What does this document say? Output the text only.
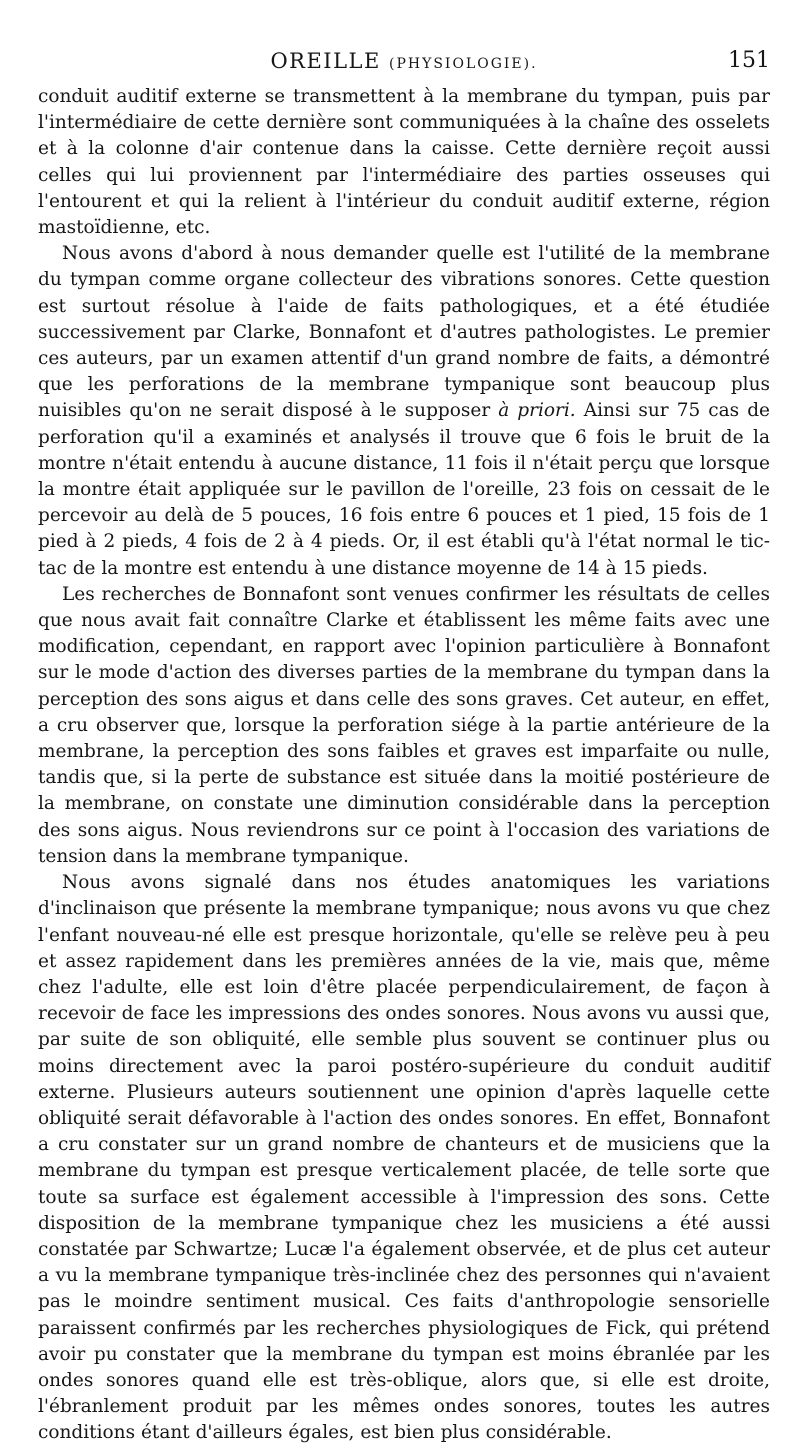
OREILLE (PHYSIOLOGIE).	151

conduit auditif externe se transmettent à la membrane du tympan, puis par l'intermédiaire de cette dernière sont communiquées à la chaîne des osselets et à la colonne d'air contenue dans la caisse. Cette dernière reçoit aussi celles qui lui proviennent par l'intermédiaire des parties osseuses qui l'entourent et qui la relient à l'intérieur du conduit auditif externe, région mastoïdienne, etc.

Nous avons d'abord à nous demander quelle est l'utilité de la membrane du tympan comme organe collecteur des vibrations sonores. Cette question est surtout résolue à l'aide de faits pathologiques, et a été étudiée successivement par Clarke, Bonnafont et d'autres pathologistes. Le premier ces auteurs, par un examen attentif d'un grand nombre de faits, a démontré que les perforations de la membrane tympanique sont beaucoup plus nuisibles qu'on ne serait disposé à le supposer à priori. Ainsi sur 75 cas de perforation qu'il a examinés et analysés il trouve que 6 fois le bruit de la montre n'était entendu à aucune distance, 11 fois il n'était perçu que lorsque la montre était appliquée sur le pavillon de l'oreille, 23 fois on cessait de le percevoir au delà de 5 pouces, 16 fois entre 6 pouces et 1 pied, 15 fois de 1 pied à 2 pieds, 4 fois de 2 à 4 pieds. Or, il est établi qu'à l'état normal le tic-tac de la montre est entendu à une distance moyenne de 14 à 15 pieds.

Les recherches de Bonnafont sont venues confirmer les résultats de celles que nous avait fait connaître Clarke et établissent les même faits avec une modification, cependant, en rapport avec l'opinion particulière à Bonnafont sur le mode d'action des diverses parties de la membrane du tympan dans la perception des sons aigus et dans celle des sons graves. Cet auteur, en effet, a cru observer que, lorsque la perforation siége à la partie antérieure de la membrane, la perception des sons faibles et graves est imparfaite ou nulle, tandis que, si la perte de substance est située dans la moitié postérieure de la membrane, on constate une diminution considérable dans la perception des sons aigus. Nous reviendrons sur ce point à l'occasion des variations de tension dans la membrane tympanique.

Nous avons signalé dans nos études anatomiques les variations d'inclinaison que présente la membrane tympanique; nous avons vu que chez l'enfant nouveau-né elle est presque horizontale, qu'elle se relève peu à peu et assez rapidement dans les premières années de la vie, mais que, même chez l'adulte, elle est loin d'être placée perpendiculairement, de façon à recevoir de face les impressions des ondes sonores. Nous avons vu aussi que, par suite de son obliquité, elle semble plus souvent se continuer plus ou moins directement avec la paroi postéro-supérieure du conduit auditif externe. Plusieurs auteurs soutiennent une opinion d'après laquelle cette obliquité serait défavorable à l'action des ondes sonores. En effet, Bonnafont a cru constater sur un grand nombre de chanteurs et de musiciens que la membrane du tympan est presque verticalement placée, de telle sorte que toute sa surface est également accessible à l'impression des sons. Cette disposition de la membrane tympanique chez les musiciens a été aussi constatée par Schwartze; Lucæ l'a également observée, et de plus cet auteur a vu la membrane tympanique très-inclinée chez des personnes qui n'avaient pas le moindre sentiment musical. Ces faits d'anthropologie sensorielle paraissent confirmés par les recherches physiologiques de Fick, qui prétend avoir pu constater que la membrane du tympan est moins ébranlée par les ondes sonores quand elle est très-oblique, alors que, si elle est droite, l'ébranlement produit par les mêmes ondes sonores, toutes les autres conditions étant d'ailleurs égales, est bien plus considérable.
